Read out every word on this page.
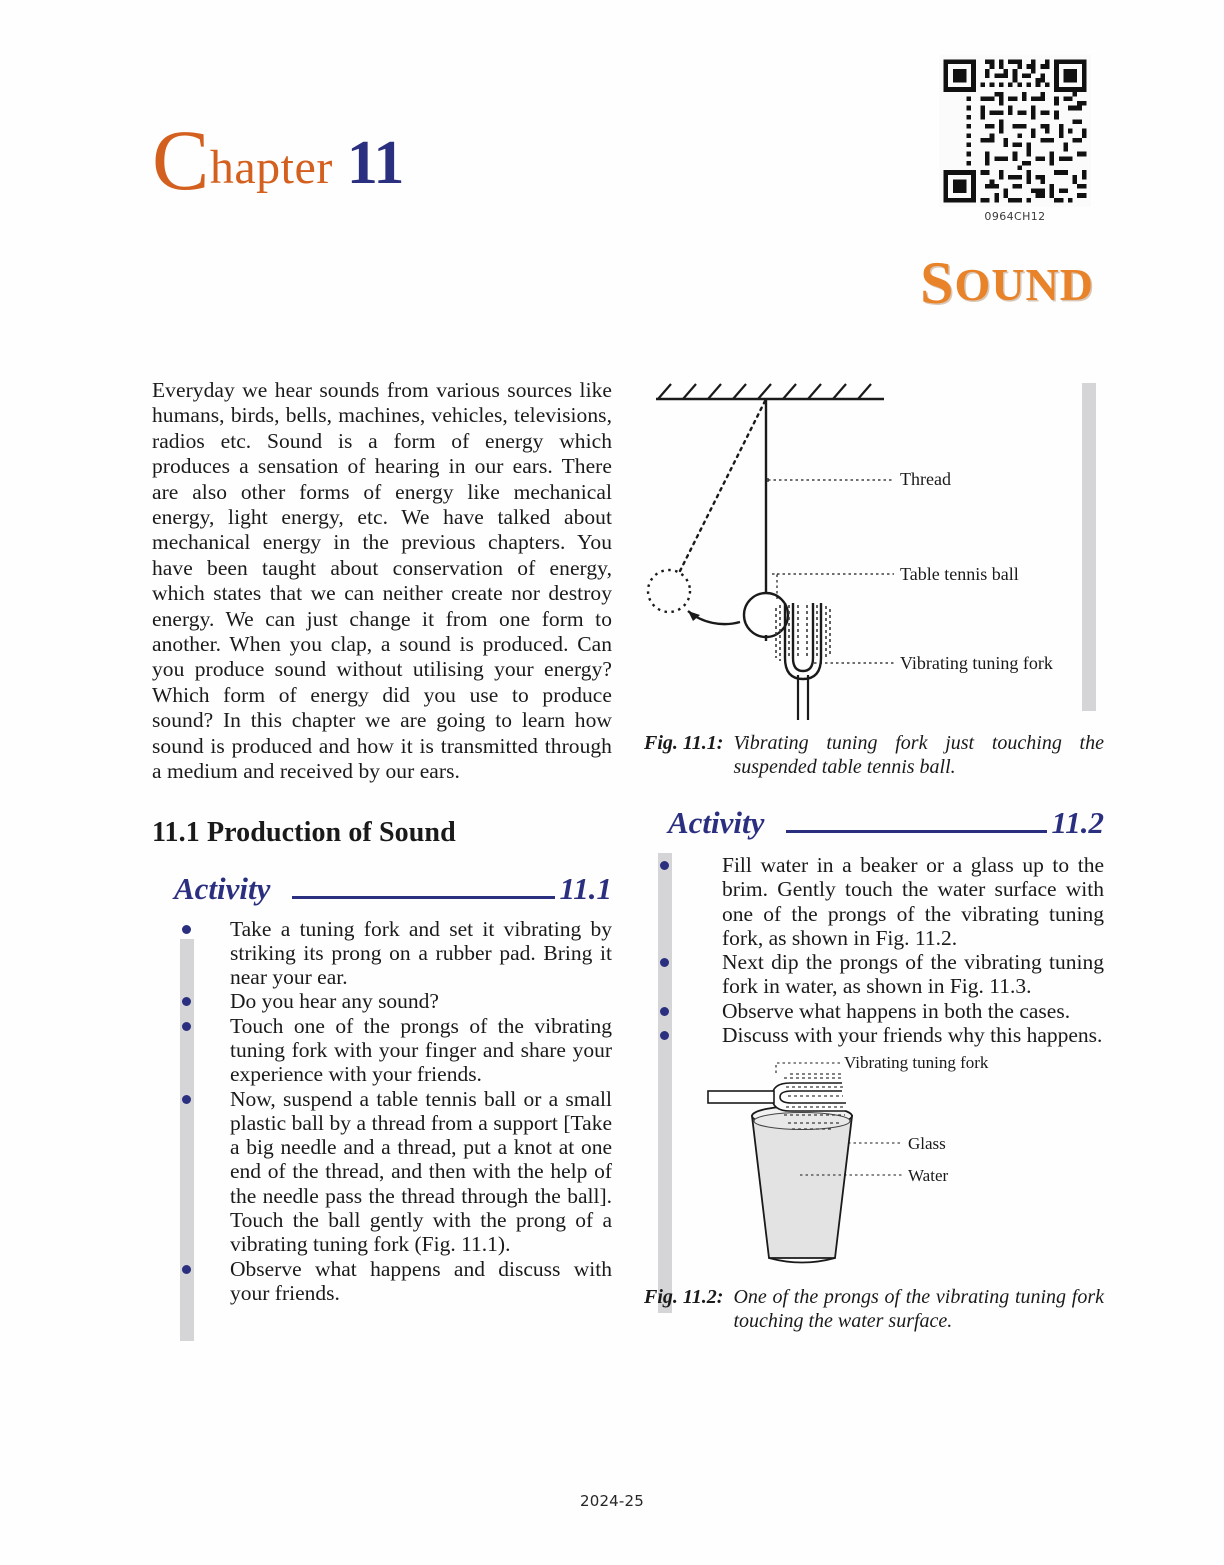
Chapter 11
0964CH12
SOUND

Everyday we hear sounds from various sources like humans, birds, bells, machines, vehicles, televisions, radios etc. Sound is a form of energy which produces a sensation of hearing in our ears. There are also other forms of energy like mechanical energy, light energy, etc. We have talked about mechanical energy in the previous chapters. You have been taught about conservation of energy, which states that we can neither create nor destroy energy. We can just change it from one form to another. When you clap, a sound is produced. Can you produce sound without utilising your energy? Which form of energy did you use to produce sound? In this chapter we are going to learn how sound is produced and how it is transmitted through a medium and received by our ears.

11.1 Production of Sound
Activity	11.1
Take a tuning fork and set it vibrating by striking its prong on a rubber pad. Bring it near your ear.
Do you hear any sound?
Touch one of the prongs of the vibrating tuning fork with your finger and share your experience with your friends.
Now, suspend a table tennis ball or a small plastic ball by a thread from a support [Take a big needle and a thread, put a knot at one end of the thread, and then with the help of the needle pass the thread through the ball]. Touch the ball gently with the prong of a vibrating tuning fork (Fig. 11.1).
Observe what happens and discuss with your friends.
Thread
Table tennis ball
Vibrating tuning fork
Fig. 11.1: Vibrating tuning fork just touching the suspended table tennis ball.
Activity	11.2
Fill water in a beaker or a glass up to the brim. Gently touch the water surface with one of the prongs of the vibrating tuning fork, as shown in Fig. 11.2.
Next dip the prongs of the vibrating tuning fork in water, as shown in Fig. 11.3.
Observe what happens in both the cases.
Discuss with your friends why this happens.
Vibrating tuning fork
Glass
Water
Fig. 11.2: One of the prongs of the vibrating tuning fork touching the water surface.
2024-25
